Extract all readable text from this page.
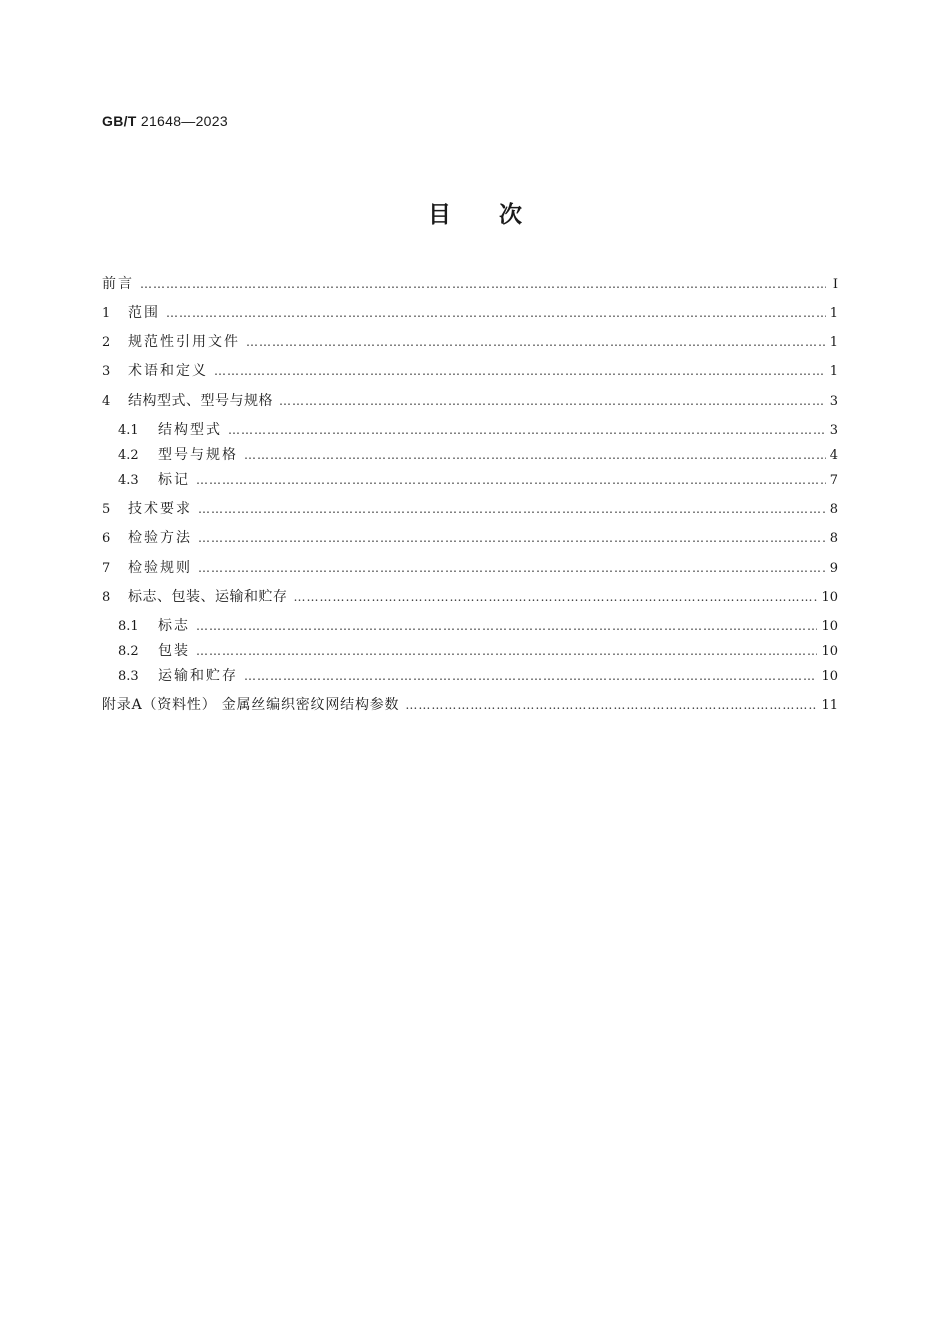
GB/T 21648—2023
目次
前言 …………………………………………………………………………………………………………………………………………………………………………………………………………………………	Ⅰ
1	范围 …………………………………………………………………………………………………………………………………………………………………………………………………………………………	1
2	规范性引用文件 …………………………………………………………………………………………………………………………………………………………………………………………………………………………	1
3	术语和定义 …………………………………………………………………………………………………………………………………………………………………………………………………………………………	1
4	结构型式、型号与规格 …………………………………………………………………………………………………………………………………………………………………………………………………………………………	3
4.1	结构型式 …………………………………………………………………………………………………………………………………………………………………………………………………………………………	3
4.2	型号与规格 …………………………………………………………………………………………………………………………………………………………………………………………………………………………	4
4.3	标记 …………………………………………………………………………………………………………………………………………………………………………………………………………………………	7
5	技术要求 …………………………………………………………………………………………………………………………………………………………………………………………………………………………	8
6	检验方法 …………………………………………………………………………………………………………………………………………………………………………………………………………………………	8
7	检验规则 …………………………………………………………………………………………………………………………………………………………………………………………………………………………	9
8	标志、包装、运输和贮存 …………………………………………………………………………………………………………………………………………………………………………………………………………………………	10
8.1	标志 …………………………………………………………………………………………………………………………………………………………………………………………………………………………	10
8.2	包装 …………………………………………………………………………………………………………………………………………………………………………………………………………………………	10
8.3	运输和贮存 …………………………………………………………………………………………………………………………………………………………………………………………………………………………	10
附录A（资料性） 金属丝编织密纹网结构参数 …………………………………………………………………………………………………………………………………………………………………………………………………………………………	11
